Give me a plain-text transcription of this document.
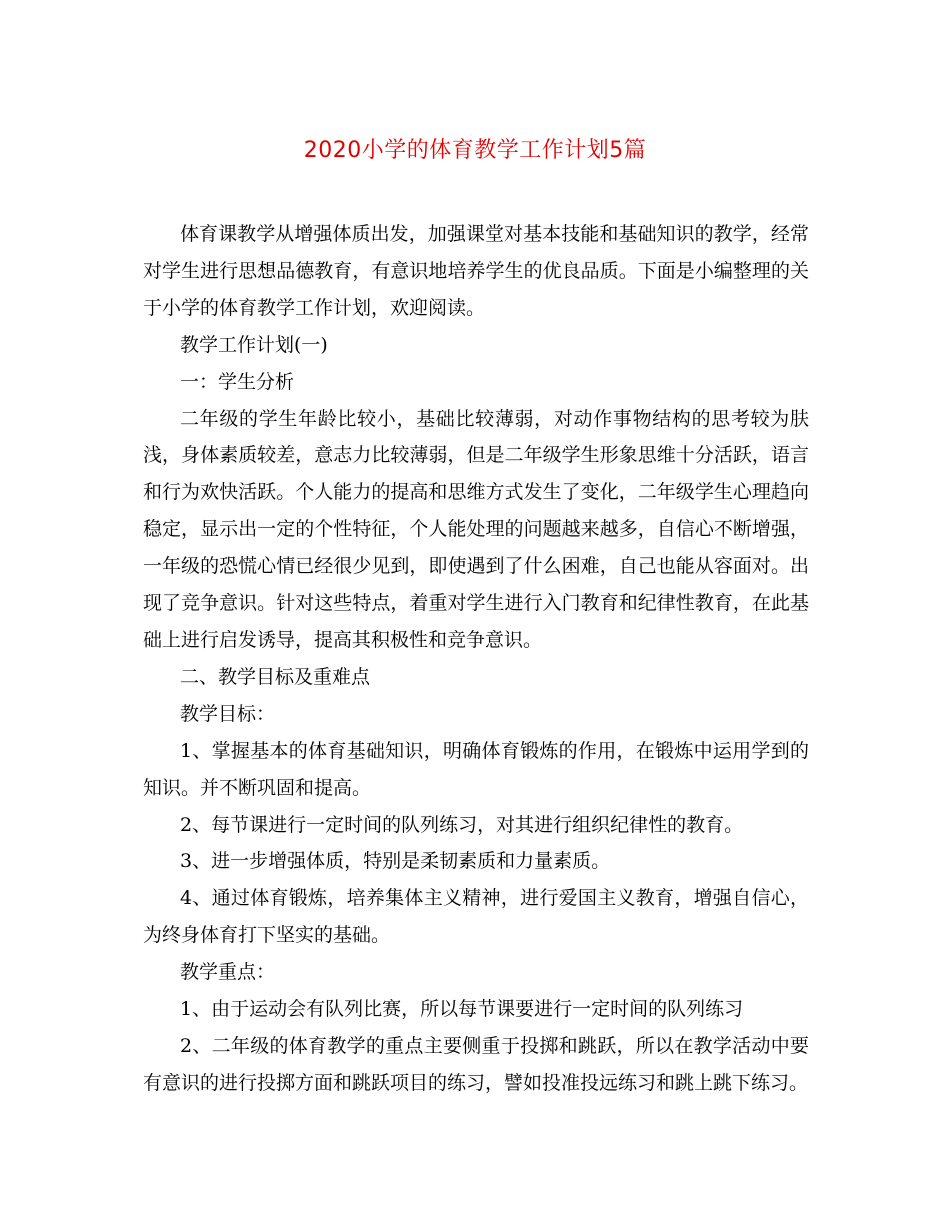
2020小学的体育教学工作计划5篇

体育课教学从增强体质出发，加强课堂对基本技能和基础知识的教学，经常对学生进行思想品德教育，有意识地培养学生的优良品质。下面是小编整理的关于小学的体育教学工作计划，欢迎阅读。

教学工作计划(一)

一：学生分析

二年级的学生年龄比较小，基础比较薄弱，对动作事物结构的思考较为肤浅，身体素质较差，意志力比较薄弱，但是二年级学生形象思维十分活跃，语言和行为欢快活跃。个人能力的提高和思维方式发生了变化，二年级学生心理趋向稳定，显示出一定的个性特征，个人能处理的问题越来越多，自信心不断增强，一年级的恐慌心情已经很少见到，即使遇到了什么困难，自己也能从容面对。出现了竞争意识。针对这些特点，着重对学生进行入门教育和纪律性教育，在此基础上进行启发诱导，提高其积极性和竞争意识。

二、教学目标及重难点

教学目标：

1、掌握基本的体育基础知识，明确体育锻炼的作用，在锻炼中运用学到的知识。并不断巩固和提高。

2、每节课进行一定时间的队列练习，对其进行组织纪律性的教育。

3、进一步增强体质，特别是柔韧素质和力量素质。

4、通过体育锻炼，培养集体主义精神，进行爱国主义教育，增强自信心，为终身体育打下坚实的基础。

教学重点：

1、由于运动会有队列比赛，所以每节课要进行一定时间的队列练习

2、二年级的体育教学的重点主要侧重于投掷和跳跃，所以在教学活动中要有意识的进行投掷方面和跳跃项目的练习，譬如投准投远练习和跳上跳下练习。
